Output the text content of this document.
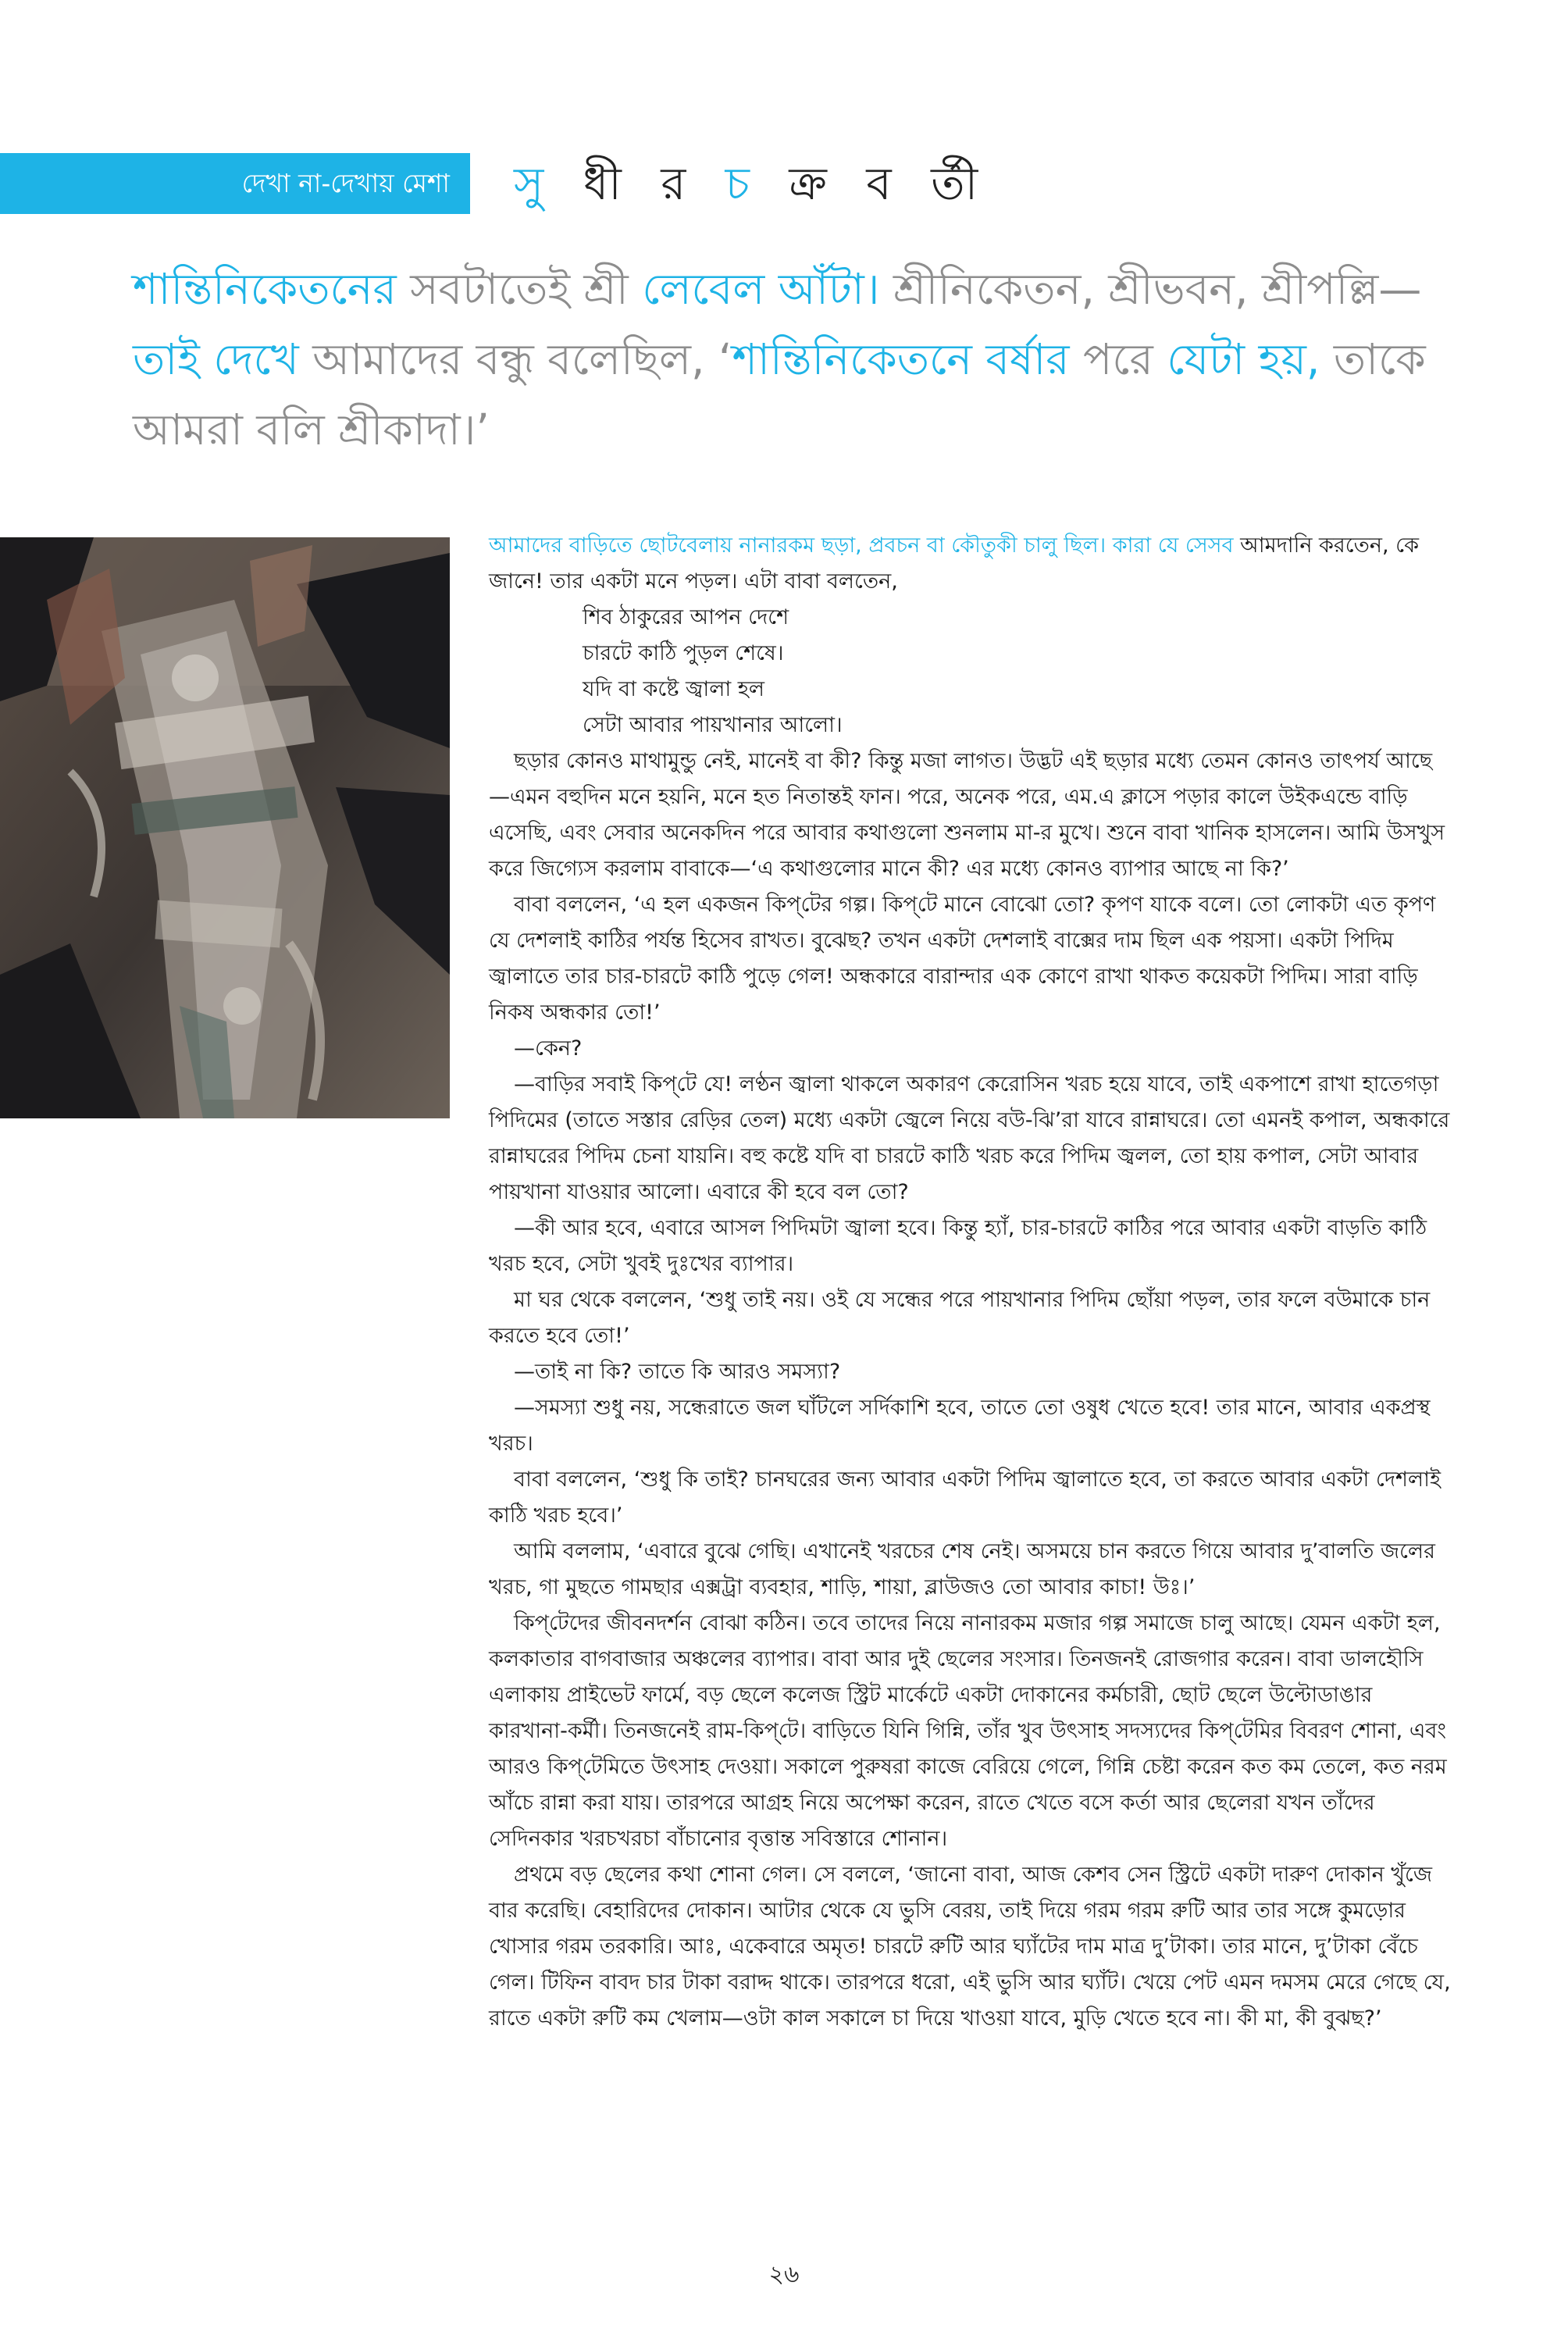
দেখা না-দেখায় মেশা সু ধী র চ ক্র ব র্তী

শান্তিনিকেতনের সবটাতেই শ্রী লেবেল আঁটা। শ্রীনিকেতন, শ্রীভবন, শ্রীপল্লি—তাই দেখে আমাদের বন্ধু বলেছিল, ‘শান্তিনিকেতনে বর্ষার পরে যেটা হয়, তাকে আমরা বলি শ্রীকাদা।’

আমাদের বাড়িতে ছোটবেলায় নানারকম ছড়া, প্রবচন বা কৌতুকী চালু ছিল। কারা যে সেসব আমদানি করতেন, কে জানে! তার একটা মনে পড়ল। এটা বাবা বলতেন,

শিব ঠাকুরের আপন দেশে
চারটে কাঠি পুড়ল শেষে।
যদি বা কষ্টে জ্বালা হল
সেটা আবার পায়খানার আলো।

ছড়ার কোনও মাথামুন্ডু নেই, মানেই বা কী? কিন্তু মজা লাগত। উদ্ভট এই ছড়ার মধ্যে তেমন কোনও তাৎপর্য আছে—এমন বহুদিন মনে হয়নি, মনে হত নিতান্তই ফান। পরে, অনেক পরে, এম.এ ক্লাসে পড়ার কালে উইকএন্ডে বাড়ি এসেছি, এবং সেবার অনেকদিন পরে আবার কথাগুলো শুনলাম মা-র মুখে। শুনে বাবা খানিক হাসলেন। আমি উসখুস করে জিগ্যেস করলাম বাবাকে—‘এ কথাগুলোর মানে কী? এর মধ্যে কোনও ব্যাপার আছে না কি?’

বাবা বললেন, ‘এ হল একজন কিপ্‌টের গল্প। কিপ্‌টে মানে বোঝো তো? কৃপণ যাকে বলে। তো লোকটা এত কৃপণ যে দেশলাই কাঠির পর্যন্ত হিসেব রাখত। বুঝেছ? তখন একটা দেশলাই বাক্সের দাম ছিল এক পয়সা। একটা পিদিম জ্বালাতে তার চার-চারটে কাঠি পুড়ে গেল! অন্ধকারে বারান্দার এক কোণে রাখা থাকত কয়েকটা পিদিম। সারা বাড়ি নিকষ অন্ধকার তো!’

—কেন?

—বাড়ির সবাই কিপ্‌টে যে! লণ্ঠন জ্বালা থাকলে অকারণ কেরোসিন খরচ হয়ে যাবে, তাই একপাশে রাখা হাতেগড়া পিদিমের (তাতে সস্তার রেড়ির তেল) মধ্যে একটা জ্বেলে নিয়ে বউ-ঝি’রা যাবে রান্নাঘরে। তো এমনই কপাল, অন্ধকারে রান্নাঘরের পিদিম চেনা যায়নি। বহু কষ্টে যদি বা চারটে কাঠি খরচ করে পিদিম জ্বলল, তো হায় কপাল, সেটা আবার পায়খানা যাওয়ার আলো। এবারে কী হবে বল তো?

—কী আর হবে, এবারে আসল পিদিমটা জ্বালা হবে। কিন্তু হ্যাঁ, চার-চারটে কাঠির পরে আবার একটা বাড়তি কাঠি খরচ হবে, সেটা খুবই দুঃখের ব্যাপার।

মা ঘর থেকে বললেন, ‘শুধু তাই নয়। ওই যে সন্ধের পরে পায়খানার পিদিম ছোঁয়া পড়ল, তার ফলে বউমাকে চান করতে হবে তো!’

—তাই না কি? তাতে কি আরও সমস্যা?

—সমস্যা শুধু নয়, সন্ধেরাতে জল ঘাঁটলে সর্দিকাশি হবে, তাতে তো ওষুধ খেতে হবে! তার মানে, আবার একপ্রস্থ খরচ।

বাবা বললেন, ‘শুধু কি তাই? চানঘরের জন্য আবার একটা পিদিম জ্বালাতে হবে, তা করতে আবার একটা দেশলাই কাঠি খরচ হবে।’

আমি বললাম, ‘এবারে বুঝে গেছি। এখানেই খরচের শেষ নেই। অসময়ে চান করতে গিয়ে আবার দু’বালতি জলের খরচ, গা মুছতে গামছার এক্সট্রা ব্যবহার, শাড়ি, শায়া, ব্লাউজও তো আবার কাচা! উঃ।’

কিপ্‌টেদের জীবনদর্শন বোঝা কঠিন। তবে তাদের নিয়ে নানারকম মজার গল্প সমাজে চালু আছে। যেমন একটা হল, কলকাতার বাগবাজার অঞ্চলের ব্যাপার। বাবা আর দুই ছেলের সংসার। তিনজনই রোজগার করেন। বাবা ডালহৌসি এলাকায় প্রাইভেট ফার্মে, বড় ছেলে কলেজ স্ট্রিট মার্কেটে একটা দোকানের কর্মচারী, ছোট ছেলে উল্টোডাঙার কারখানা-কর্মী। তিনজনেই রাম-কিপ্‌টে। বাড়িতে যিনি গিন্নি, তাঁর খুব উৎসাহ সদস্যদের কিপ্‌টেমির বিবরণ শোনা, এবং আরও কিপ্‌টেমিতে উৎসাহ দেওয়া। সকালে পুরুষরা কাজে বেরিয়ে গেলে, গিন্নি চেষ্টা করেন কত কম তেলে, কত নরম আঁচে রান্না করা যায়। তারপরে আগ্রহ নিয়ে অপেক্ষা করেন, রাতে খেতে বসে কর্তা আর ছেলেরা যখন তাঁদের সেদিনকার খরচখরচা বাঁচানোর বৃত্তান্ত সবিস্তারে শোনান।

প্রথমে বড় ছেলের কথা শোনা গেল। সে বললে, ‘জানো বাবা, আজ কেশব সেন স্ট্রিটে একটা দারুণ দোকান খুঁজে বার করেছি। বেহারিদের দোকান। আটার থেকে যে ভুসি বেরয়, তাই দিয়ে গরম গরম রুটি আর তার সঙ্গে কুমড়োর খোসার গরম তরকারি। আঃ, একেবারে অমৃত! চারটে রুটি আর ঘ্যাঁটের দাম মাত্র দু’টাকা। তার মানে, দু’টাকা বেঁচে গেল। টিফিন বাবদ চার টাকা বরাদ্দ থাকে। তারপরে ধরো, এই ভুসি আর ঘ্যাঁট। খেয়ে পেট এমন দমসম মেরে গেছে যে, রাতে একটা রুটি কম খেলাম—ওটা কাল সকালে চা দিয়ে খাওয়া যাবে, মুড়ি খেতে হবে না। কী মা, কী বুঝছ?’

২৬
